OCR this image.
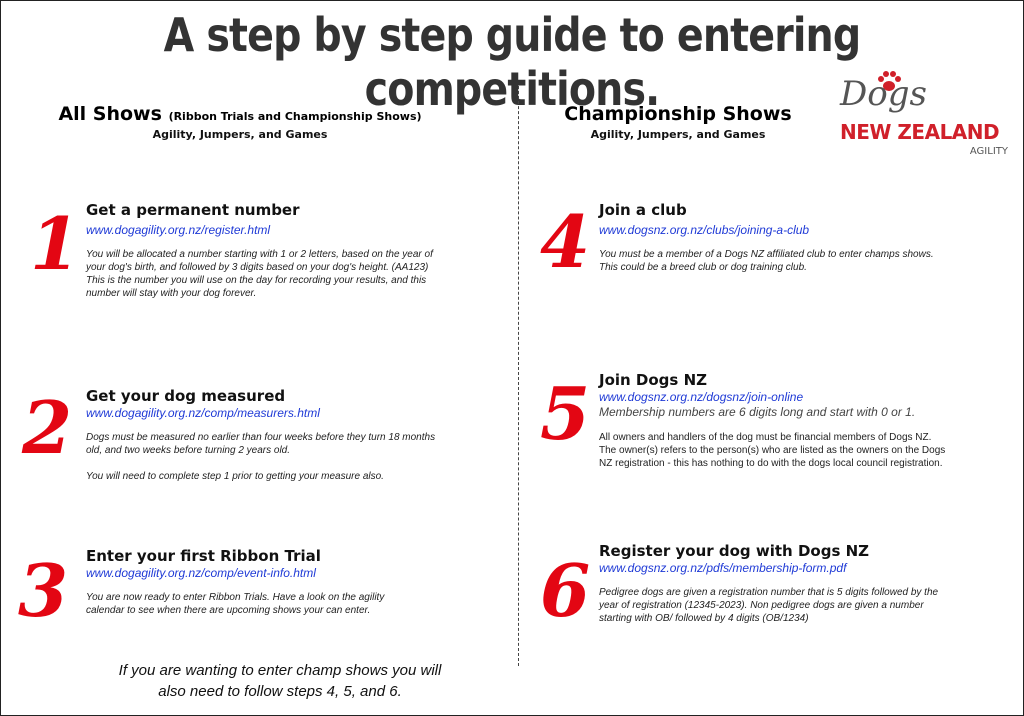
A step by step guide to entering competitions.
All Shows (Ribbon Trials and Championship Shows)
Agility, Jumpers, and Games
Championship Shows
Agility, Jumpers, and Games
Dogs
NEW ZEALAND
AGILITY
1 Get a permanent number
www.dogagility.org.nz/register.html
You will be allocated a number starting with 1 or 2 letters, based on the year of
your dog's birth, and followed by 3 digits based on your dog's height. (AA123)
This is the number you will use on the day for recording your results, and this
number will stay with your dog forever.
2 Get your dog measured
www.dogagility.org.nz/comp/measurers.html
Dogs must be measured no earlier than four weeks before they turn 18 months
old, and two weeks before turning 2 years old.
You will need to complete step 1 prior to getting your measure also.
3 Enter your first Ribbon Trial
www.dogagility.org.nz/comp/event-info.html
You are now ready to enter Ribbon Trials. Have a look on the agility
calendar to see when there are upcoming shows your can enter.
4 Join a club
www.dogsnz.org.nz/clubs/joining-a-club
You must be a member of a Dogs NZ affiliated club to enter champs shows.
This could be a breed club or dog training club.
5 Join Dogs NZ
www.dogsnz.org.nz/dogsnz/join-online
Membership numbers are 6 digits long and start with 0 or 1.
All owners and handlers of the dog must be financial members of Dogs NZ.
The owner(s) refers to the person(s) who are listed as the owners on the Dogs
NZ registration - this has nothing to do with the dogs local council registration.
6 Register your dog with Dogs NZ
www.dogsnz.org.nz/pdfs/membership-form.pdf
Pedigree dogs are given a registration number that is 5 digits followed by the
year of registration (12345-2023). Non pedigree dogs are given a number
starting with OB/ followed by 4 digits (OB/1234)
If you are wanting to enter champ shows you will
also need to follow steps 4, 5, and 6.
